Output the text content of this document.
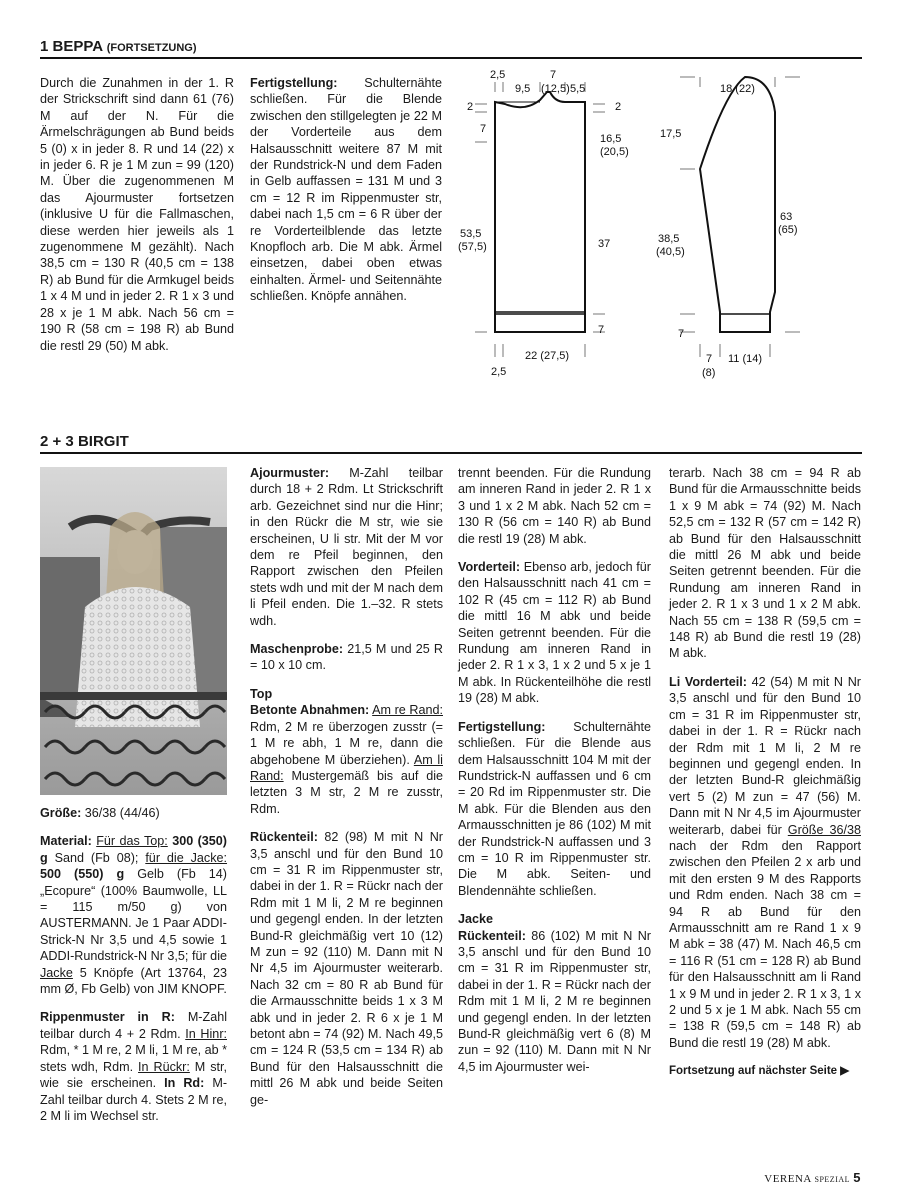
1 BEPPA (FORTSETZUNG)

Durch die Zunahmen in der 1. R der Strickschrift sind dann 61 (76) M auf der N. Für die Ärmelschrägungen ab Bund beids 5 (0) x in jeder 8. R und 14 (22) x in jeder 6. R je 1 M zun = 99 (120) M. Über die zugenommenen M das Ajourmuster fortsetzen (inklusive U für die Fallmaschen, diese werden hier jeweils als 1 zugenommene M gezählt). Nach 38,5 cm = 130 R (40,5 cm = 138 R) ab Bund für die Armkugel beids 1 x 4 M und in jeder 2. R 1 x 3 und 28 x je 1 M abk. Nach 56 cm = 190 R (58 cm = 198 R) ab Bund die restl 29 (50) M abk.

Fertigstellung: Schulternähte schließen. Für die Blende zwischen den stillgelegten je 22 M der Vorderteile aus dem Halsausschnitt weitere 87 M mit der Rundstrick-N und dem Faden in Gelb auffassen = 131 M und 3 cm = 12 R im Rippenmuster str, dabei nach 1,5 cm = 6 R über der re Vorderteilblende das letzte Knopfloch arb. Die M abk. Ärmel einsetzen, dabei oben etwas einhalten. Ärmel- und Seitennähte schließen. Knöpfe annähen.

2,5	7
9,5 (12,5) 5,5
2	2
7
16,5
(20,5)
53,5
(57,5)	37
7
22 (27,5)
2,5
18 (22)
17,5
63
(65)
38,5
(40,5)
7
7
(8)
11 (14)
2 + 3 BIRGIT

Größe: 36/38 (44/46)

Material: Für das Top: 300 (350) g Sand (Fb 08); für die Jacke: 500 (550) g Gelb (Fb 14) „Ecopure“ (100% Baumwolle, LL = 115 m/50 g) von AUSTERMANN. Je 1 Paar ADDI-Strick-N Nr 3,5 und 4,5 sowie 1 ADDI-Rundstrick-N Nr 3,5; für die Jacke 5 Knöpfe (Art 13764, 23 mm Ø, Fb Gelb) von JIM KNOPF.

Rippenmuster in R: M-Zahl teilbar durch 4 + 2 Rdm. In Hinr: Rdm, * 1 M re, 2 M li, 1 M re, ab * stets wdh, Rdm. In Rückr: M str, wie sie erscheinen. In Rd: M-Zahl teilbar durch 4. Stets 2 M re, 2 M li im Wechsel str.

Ajourmuster: M-Zahl teilbar durch 18 + 2 Rdm. Lt Strickschrift arb. Gezeichnet sind nur die Hinr; in den Rückr die M str, wie sie erscheinen, U li str. Mit der M vor dem re Pfeil beginnen, den Rapport zwischen den Pfeilen stets wdh und mit der M nach dem li Pfeil enden. Die 1.–32. R stets wdh.

Maschenprobe: 21,5 M und 25 R = 10 x 10 cm.

Top

Betonte Abnahmen: Am re Rand: Rdm, 2 M re überzogen zusstr (= 1 M re abh, 1 M re, dann die abgehobene M überziehen). Am li Rand: Mustergemäß bis auf die letzten 3 M str, 2 M re zusstr, Rdm.

Rückenteil: 82 (98) M mit N Nr 3,5 anschl und für den Bund 10 cm = 31 R im Rippenmuster str, dabei in der 1. R = Rückr nach der Rdm mit 1 M li, 2 M re beginnen und gegengl enden. In der letzten Bund-R gleichmäßig vert 10 (12) M zun = 92 (110) M. Dann mit N Nr 4,5 im Ajourmuster weiterarb. Nach 32 cm = 80 R ab Bund für die Armausschnitte beids 1 x 3 M abk und in jeder 2. R 6 x je 1 M betont abn = 74 (92) M. Nach 49,5 cm = 124 R (53,5 cm = 134 R) ab Bund für den Halsausschnitt die mittl 26 M abk und beide Seiten ge-

trennt beenden. Für die Rundung am inneren Rand in jeder 2. R 1 x 3 und 1 x 2 M abk. Nach 52 cm = 130 R (56 cm = 140 R) ab Bund die restl 19 (28) M abk.

Vorderteil: Ebenso arb, jedoch für den Halsausschnitt nach 41 cm = 102 R (45 cm = 112 R) ab Bund die mittl 16 M abk und beide Seiten getrennt beenden. Für die Rundung am inneren Rand in jeder 2. R 1 x 3, 1 x 2 und 5 x je 1 M abk. In Rückenteilhöhe die restl 19 (28) M abk.

Fertigstellung: Schulternähte schließen. Für die Blende aus dem Halsausschnitt 104 M mit der Rundstrick-N auffassen und 6 cm = 20 Rd im Rippenmuster str. Die M abk. Für die Blenden aus den Armausschnitten je 86 (102) M mit der Rundstrick-N auffassen und 3 cm = 10 R im Rippenmuster str. Die M abk. Seiten- und Blendennähte schließen.

Jacke

Rückenteil: 86 (102) M mit N Nr 3,5 anschl und für den Bund 10 cm = 31 R im Rippenmuster str, dabei in der 1. R = Rückr nach der Rdm mit 1 M li, 2 M re beginnen und gegengl enden. In der letzten Bund-R gleichmäßig vert 6 (8) M zun = 92 (110) M. Dann mit N Nr 4,5 im Ajourmuster wei-

terarb. Nach 38 cm = 94 R ab Bund für die Armausschnitte beids 1 x 9 M abk = 74 (92) M. Nach 52,5 cm = 132 R (57 cm = 142 R) ab Bund für den Halsausschnitt die mittl 26 M abk und beide Seiten getrennt beenden. Für die Rundung am inneren Rand in jeder 2. R 1 x 3 und 1 x 2 M abk. Nach 55 cm = 138 R (59,5 cm = 148 R) ab Bund die restl 19 (28) M abk.

Li Vorderteil: 42 (54) M mit N Nr 3,5 anschl und für den Bund 10 cm = 31 R im Rippenmuster str, dabei in der 1. R = Rückr nach der Rdm mit 1 M li, 2 M re beginnen und gegengl enden. In der letzten Bund-R gleichmäßig vert 5 (2) M zun = 47 (56) M. Dann mit N Nr 4,5 im Ajourmuster weiterarb, dabei für Größe 36/38 nach der Rdm den Rapport zwischen den Pfeilen 2 x arb und mit den ersten 9 M des Rapports und Rdm enden. Nach 38 cm = 94 R ab Bund für den Armausschnitt am re Rand 1 x 9 M abk = 38 (47) M. Nach 46,5 cm = 116 R (51 cm = 128 R) ab Bund für den Halsausschnitt am li Rand 1 x 9 M und in jeder 2. R 1 x 3, 1 x 2 und 5 x je 1 M abk. Nach 55 cm = 138 R (59,5 cm = 148 R) ab Bund die restl 19 (28) M abk.

Fortsetzung auf nächster Seite ▶
VERENA SPEZIAL 5
